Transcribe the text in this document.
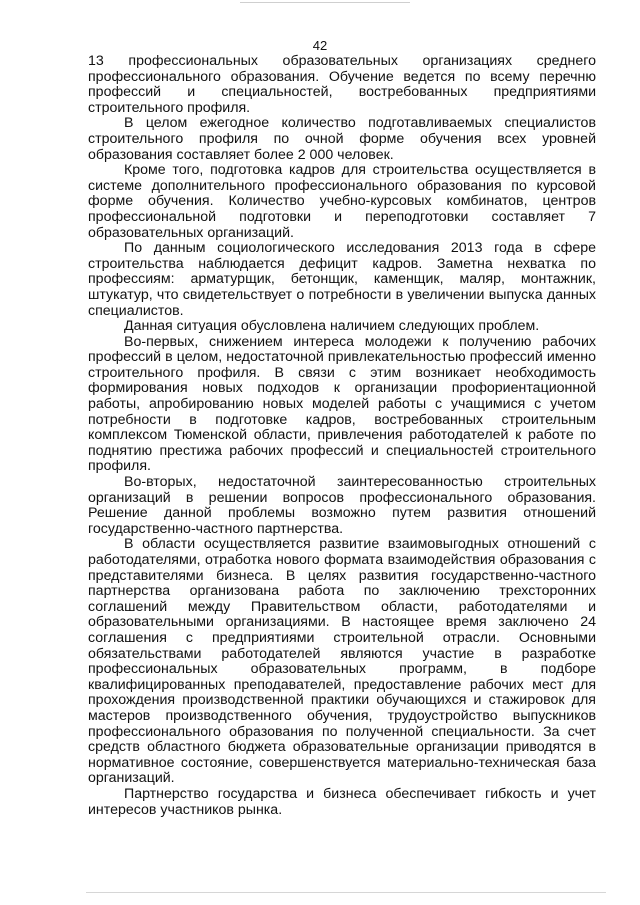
42

13 профессиональных образовательных организациях среднего профессионального образования. Обучение ведется по всему перечню профессий и специальностей, востребованных предприятиями строительного профиля.

В целом ежегодное количество подготавливаемых специалистов строительного профиля по очной форме обучения всех уровней образования составляет более 2 000 человек.

Кроме того, подготовка кадров для строительства осуществляется в системе дополнительного профессионального образования по курсовой форме обучения. Количество учебно-курсовых комбинатов, центров профессиональной подготовки и переподготовки составляет 7 образовательных организаций.

По данным социологического исследования 2013 года в сфере строительства наблюдается дефицит кадров. Заметна нехватка по профессиям: арматурщик, бетонщик, каменщик, маляр, монтажник, штукатур, что свидетельствует о потребности в увеличении выпуска данных специалистов.

Данная ситуация обусловлена наличием следующих проблем.

Во-первых, снижением интереса молодежи к получению рабочих профессий в целом, недостаточной привлекательностью профессий именно строительного профиля. В связи с этим возникает необходимость формирования новых подходов к организации профориентационной работы, апробированию новых моделей работы с учащимися с учетом потребности в подготовке кадров, востребованных строительным комплексом Тюменской области, привлечения работодателей к работе по поднятию престижа рабочих профессий и специальностей строительного профиля.

Во-вторых, недостаточной заинтересованностью строительных организаций в решении вопросов профессионального образования. Решение данной проблемы возможно путем развития отношений государственно-частного партнерства.

В области осуществляется развитие взаимовыгодных отношений с работодателями, отработка нового формата взаимодействия образования с представителями бизнеса. В целях развития государственно-частного партнерства организована работа по заключению трехсторонних соглашений между Правительством области, работодателями и образовательными организациями. В настоящее время заключено 24 соглашения с предприятиями строительной отрасли. Основными обязательствами работодателей являются участие в разработке профессиональных образовательных программ, в подборе квалифицированных преподавателей, предоставление рабочих мест для прохождения производственной практики обучающихся и стажировок для мастеров производственного обучения, трудоустройство выпускников профессионального образования по полученной специальности. За счет средств областного бюджета образовательные организации приводятся в нормативное состояние, совершенствуется материально-техническая база организаций.

Партнерство государства и бизнеса обеспечивает гибкость и учет интересов участников рынка.
